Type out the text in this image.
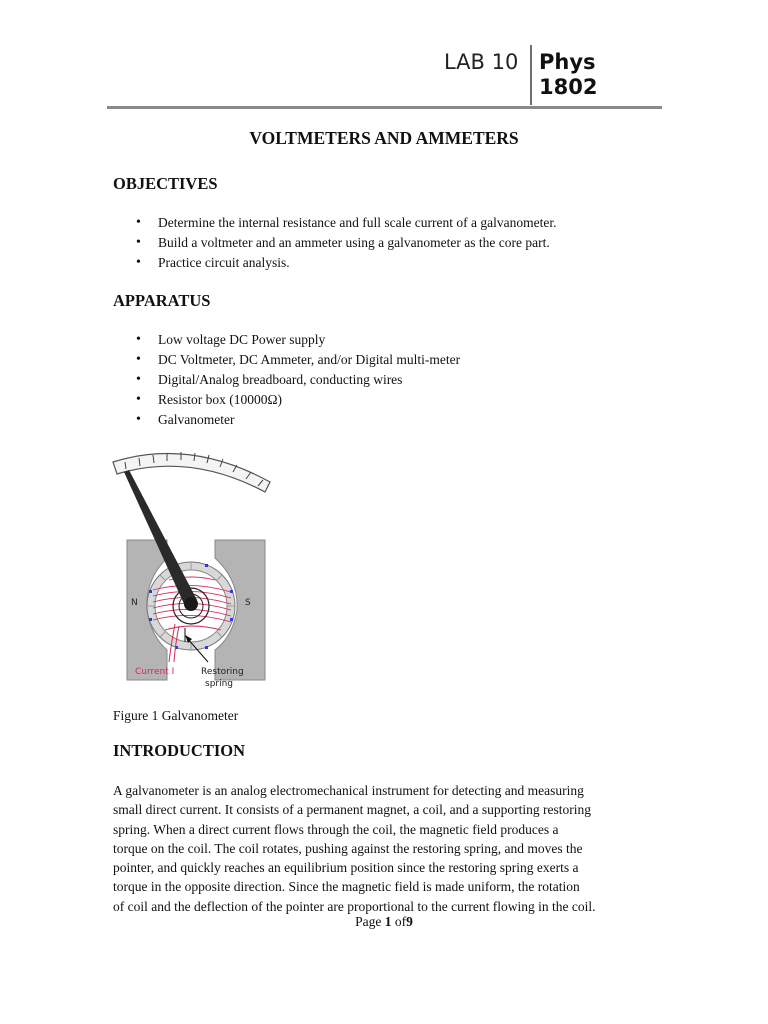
LAB 10 Phys
1802
VOLTMETERS AND AMMETERS
OBJECTIVES
• Determine the internal resistance and full scale current of a galvanometer.
• Build a voltmeter and an ammeter using a galvanometer as the core part.
• Practice circuit analysis.
APPARATUS
• Low voltage DC Power supply
• DC Voltmeter, DC Ammeter, and/or Digital multi-meter
• Digital/Analog breadboard, conducting wires
• Resistor box (10000Ω)
• Galvanometer
N	S
Current I	Restoring
spring
Figure 1 Galvanometer
INTRODUCTION
A galvanometer is an analog electromechanical instrument for detecting and measuring
small direct current. It consists of a permanent magnet, a coil, and a supporting restoring
spring. When a direct current flows through the coil, the magnetic field produces a
torque on the coil. The coil rotates, pushing against the restoring spring, and moves the
pointer, and quickly reaches an equilibrium position since the restoring spring exerts a
torque in the opposite direction. Since the magnetic field is made uniform, the rotation
of coil and the deflection of the pointer are proportional to the current flowing in the coil.
Page 1 of9
